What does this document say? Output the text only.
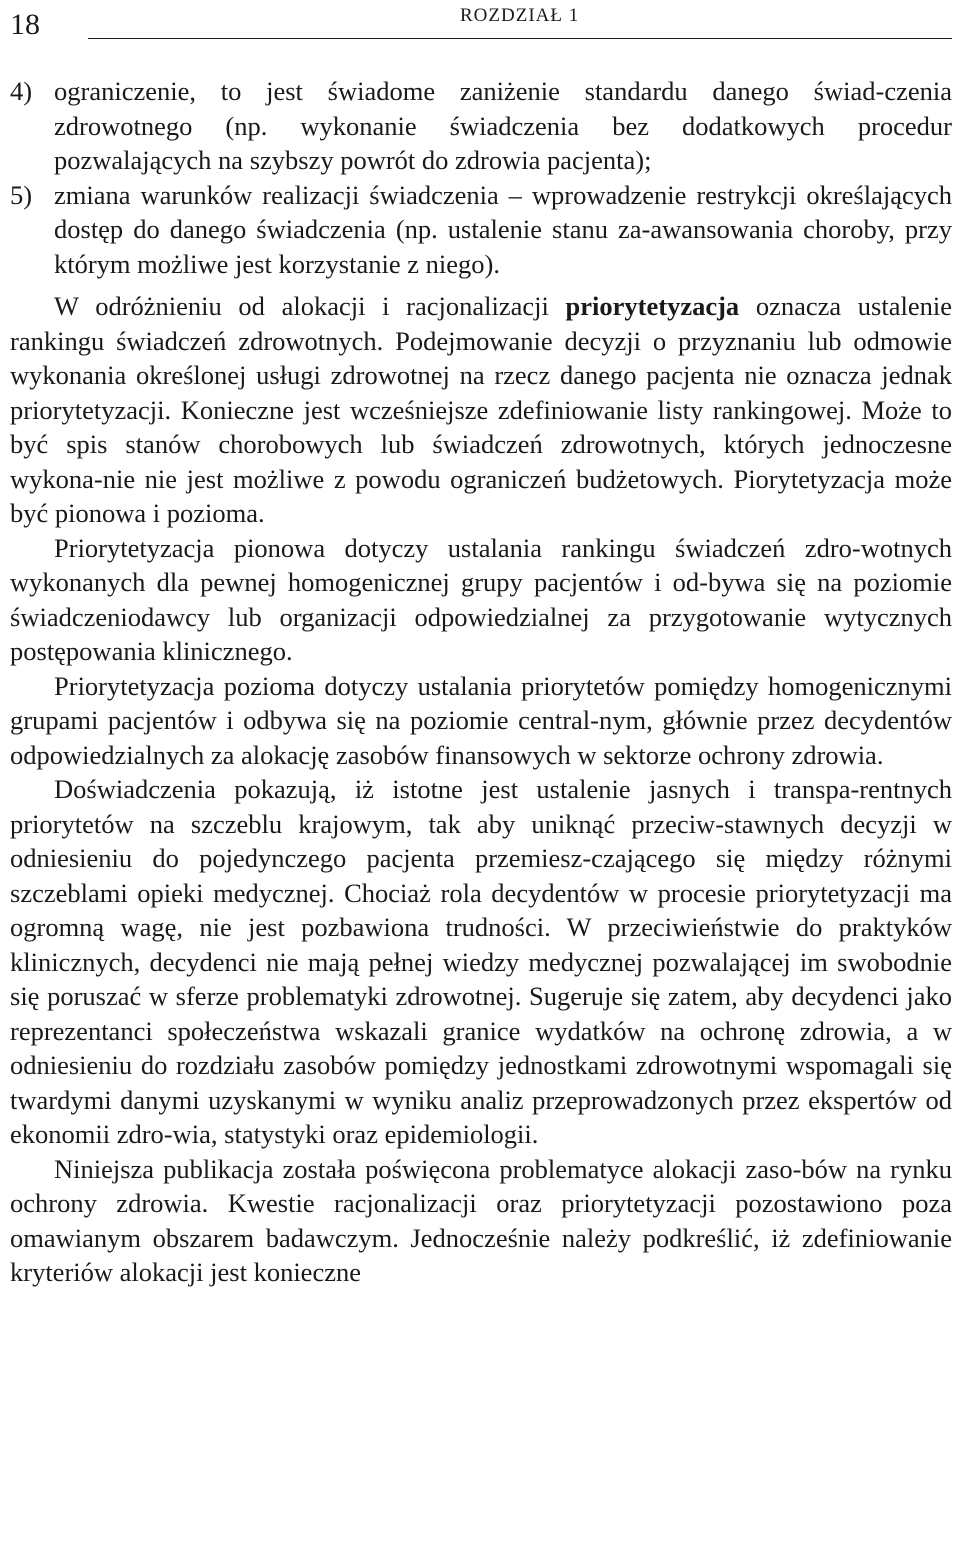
18	ROZDZIAŁ 1
4) ograniczenie, to jest świadome zaniżenie standardu danego świad-czenia zdrowotnego (np. wykonanie świadczenia bez dodatkowych procedur pozwalających na szybszy powrót do zdrowia pacjenta);
5) zmiana warunków realizacji świadczenia – wprowadzenie restrykcji określających dostęp do danego świadczenia (np. ustalenie stanu za-awansowania choroby, przy którym możliwe jest korzystanie z niego).

W odróżnieniu od alokacji i racjonalizacji priorytetyzacja oznacza ustalenie rankingu świadczeń zdrowotnych. Podejmowanie decyzji o przyznaniu lub odmowie wykonania określonej usługi zdrowotnej na rzecz danego pacjenta nie oznacza jednak priorytetyzacji. Konieczne jest wcześniejsze zdefiniowanie listy rankingowej. Może to być spis stanów chorobowych lub świadczeń zdrowotnych, których jednoczesne wykona-nie nie jest możliwe z powodu ograniczeń budżetowych. Piorytetyzacja może być pionowa i pozioma.

Priorytetyzacja pionowa dotyczy ustalania rankingu świadczeń zdro-wotnych wykonanych dla pewnej homogenicznej grupy pacjentów i od-bywa się na poziomie świadczeniodawcy lub organizacji odpowiedzialnej za przygotowanie wytycznych postępowania klinicznego.

Priorytetyzacja pozioma dotyczy ustalania priorytetów pomiędzy homogenicznymi grupami pacjentów i odbywa się na poziomie central-nym, głównie przez decydentów odpowiedzialnych za alokację zasobów finansowych w sektorze ochrony zdrowia.

Doświadczenia pokazują, iż istotne jest ustalenie jasnych i transpa-rentnych priorytetów na szczeblu krajowym, tak aby uniknąć przeciw-stawnych decyzji w odniesieniu do pojedynczego pacjenta przemiesz-czającego się między różnymi szczeblami opieki medycznej. Chociaż rola decydentów w procesie priorytetyzacji ma ogromną wagę, nie jest pozbawiona trudności. W przeciwieństwie do praktyków klinicznych, decydenci nie mają pełnej wiedzy medycznej pozwalającej im swobodnie się poruszać w sferze problematyki zdrowotnej. Sugeruje się zatem, aby decydenci jako reprezentanci społeczeństwa wskazali granice wydatków na ochronę zdrowia, a w odniesieniu do rozdziału zasobów pomiędzy jednostkami zdrowotnymi wspomagali się twardymi danymi uzyskanymi w wyniku analiz przeprowadzonych przez ekspertów od ekonomii zdro-wia, statystyki oraz epidemiologii.

Niniejsza publikacja została poświęcona problematyce alokacji zaso-bów na rynku ochrony zdrowia. Kwestie racjonalizacji oraz priorytetyzacji pozostawiono poza omawianym obszarem badawczym. Jednocześnie należy podkreślić, iż zdefiniowanie kryteriów alokacji jest konieczne
